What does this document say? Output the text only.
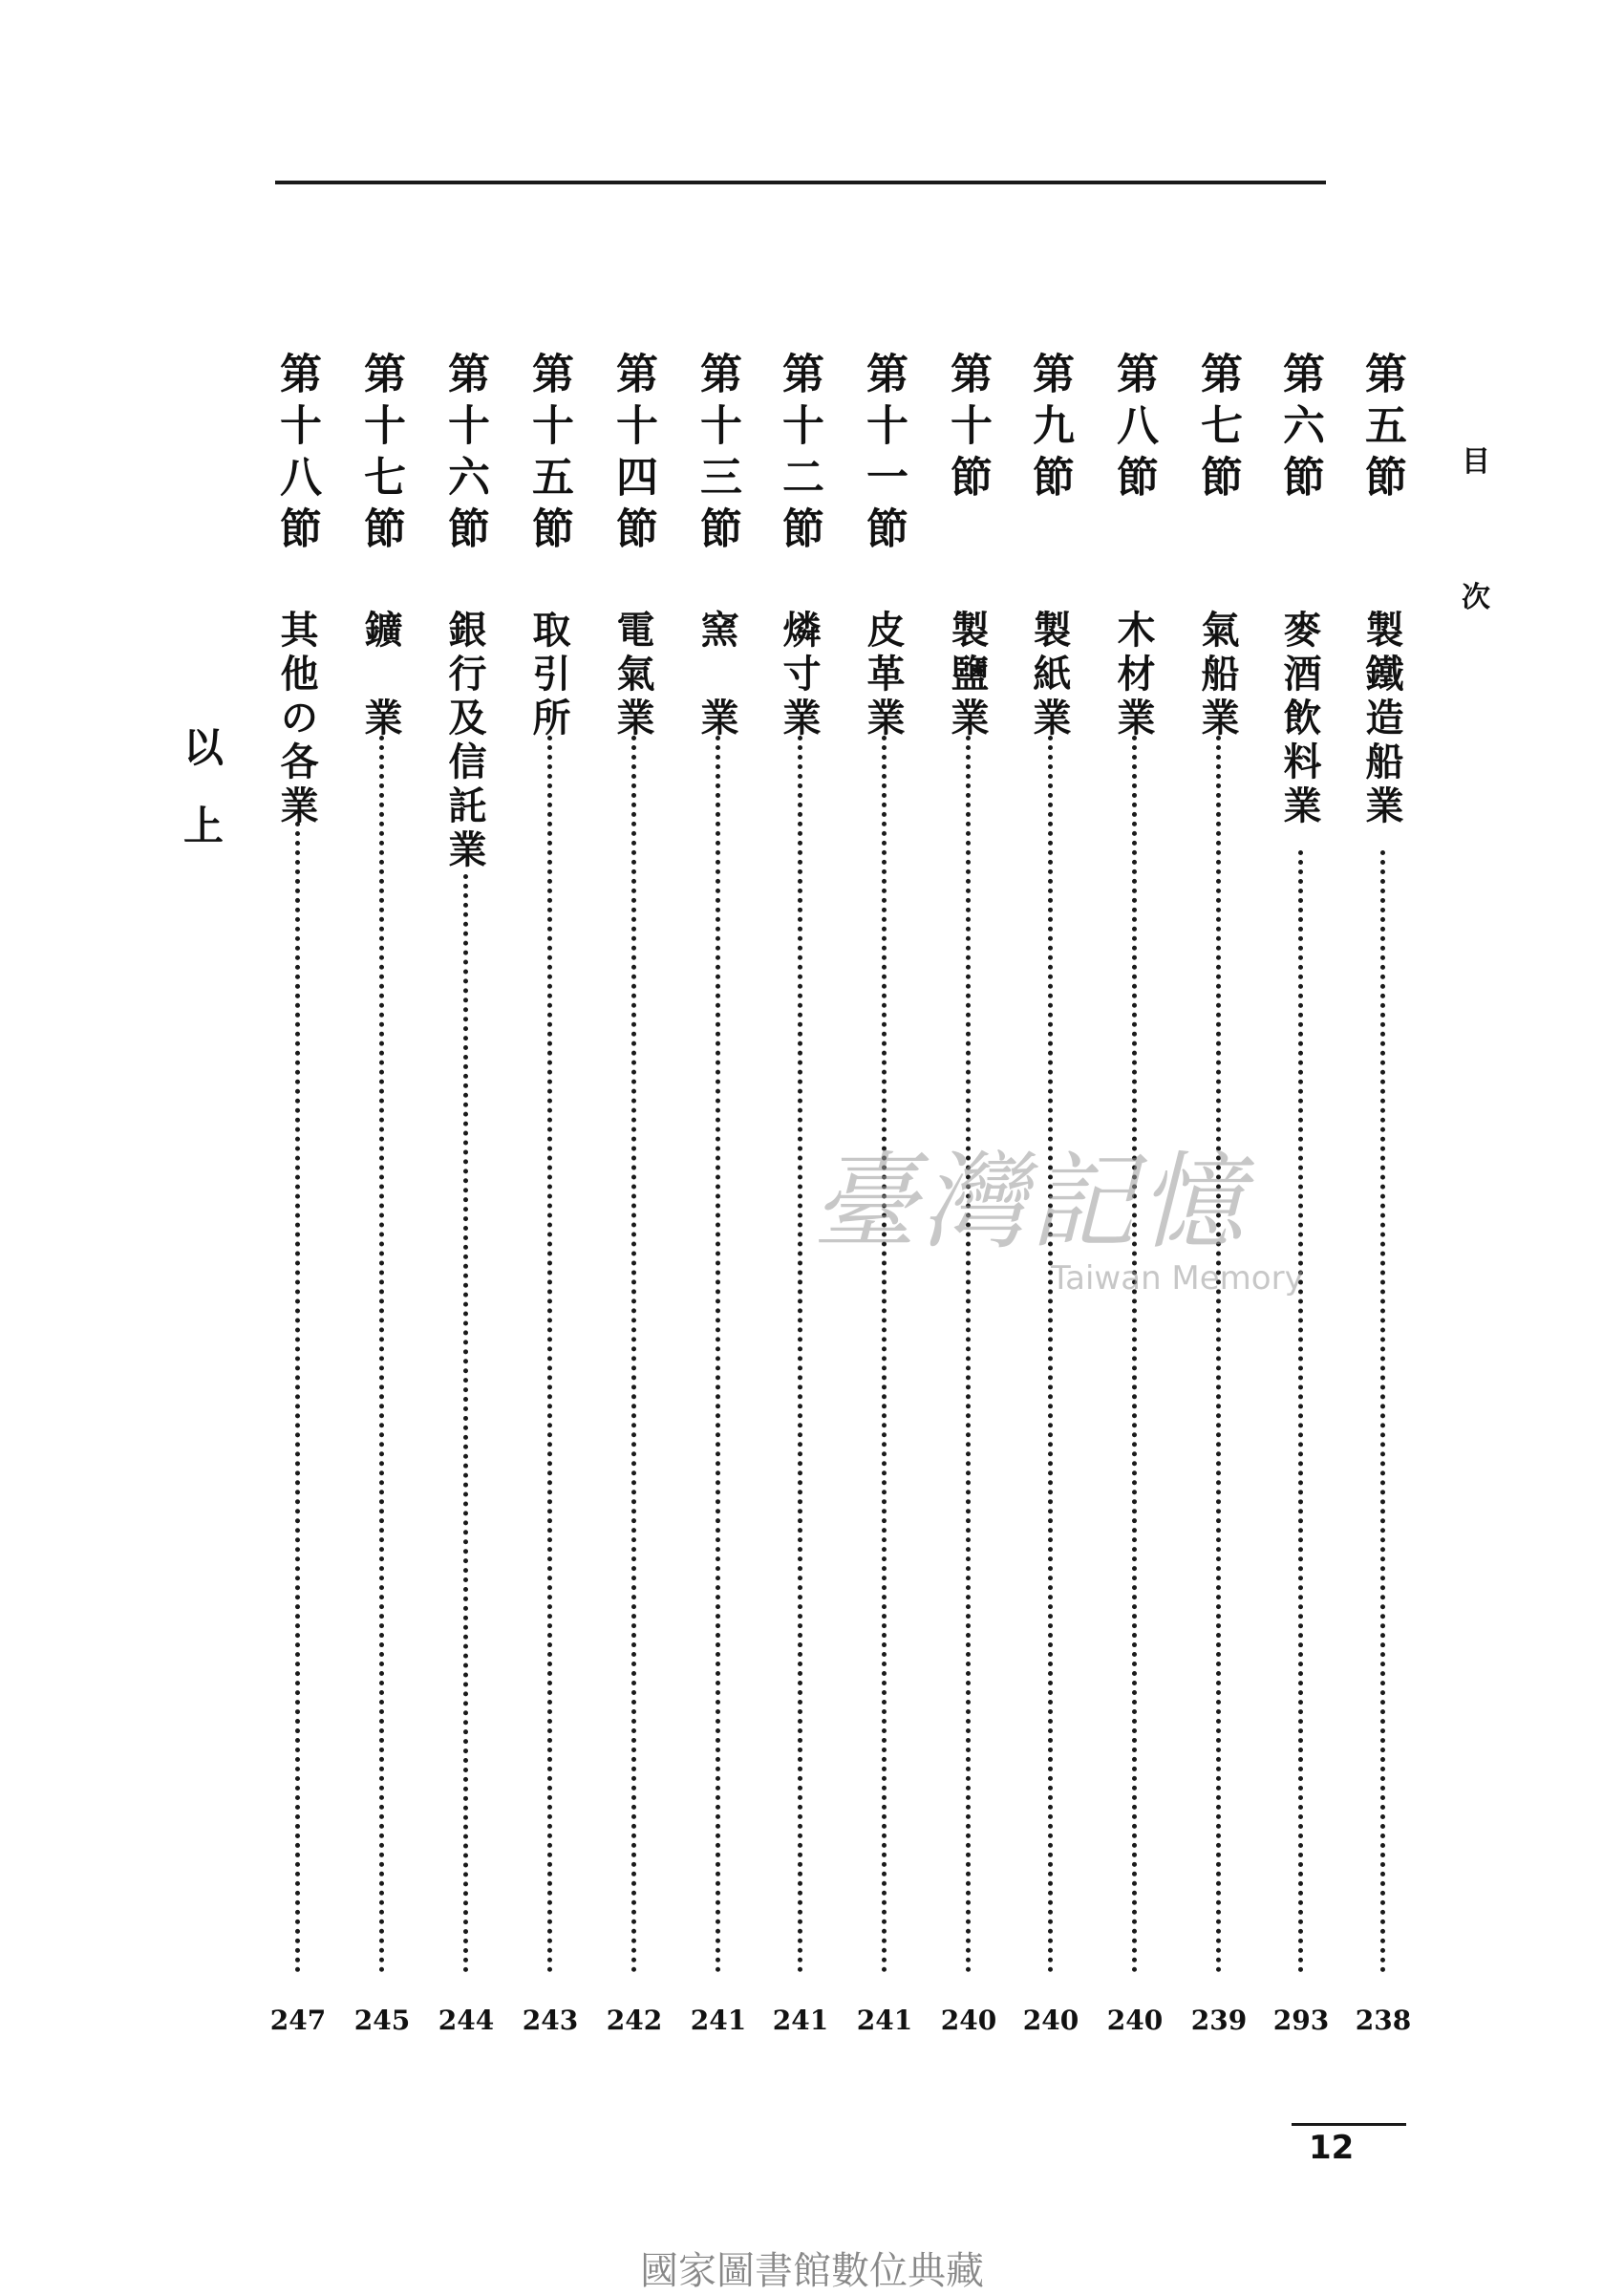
目
次
第五節
製鐵造船業
238
第六節
麥酒飲料業
293
第七節
氣船業
239
第八節
木材業
240
第九節
製紙業
240
第十節
製鹽業
240
第十一節
皮革業
241
第十二節
燐寸業
241
第十三節
窯　業
241
第十四節
電氣業
242
第十五節
取引所
243
第十六節
銀行及信託業
244
第十七節
鑛　業
245
第十八節
其他の各業
247
以上
臺灣記憶
Taiwan Memory
12
國家圖書館數位典藏
